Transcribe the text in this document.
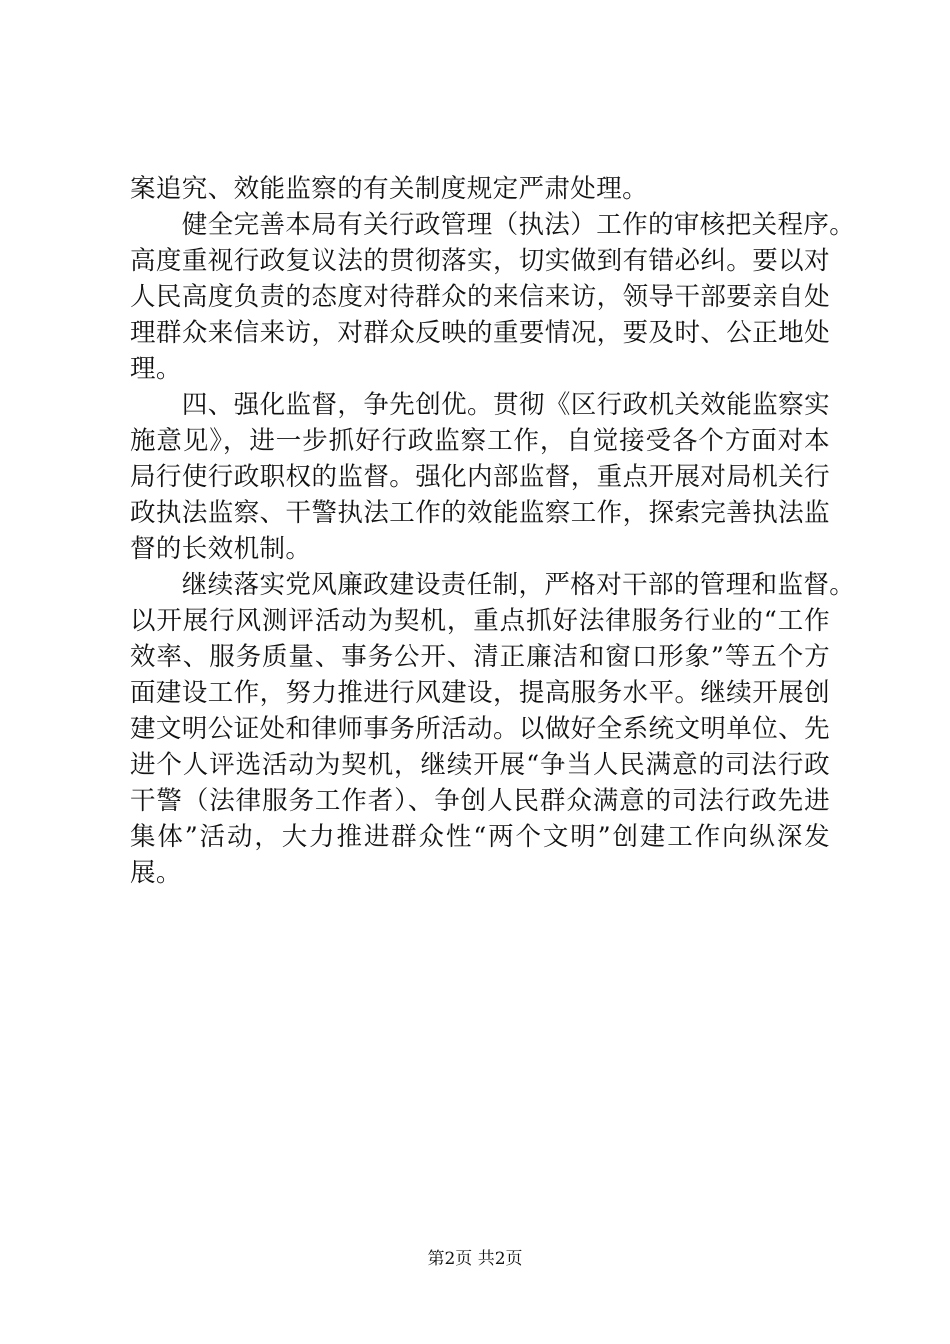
案追究、效能监察的有关制度规定严肃处理。
　　健全完善本局有关行政管理（执法）工作的审核把关程序。
高度重视行政复议法的贯彻落实，切实做到有错必纠。要以对
人民高度负责的态度对待群众的来信来访，领导干部要亲自处
理群众来信来访，对群众反映的重要情况，要及时、公正地处
理。
　　四、强化监督，争先创优。贯彻《区行政机关效能监察实
施意见》，进一步抓好行政监察工作，自觉接受各个方面对本
局行使行政职权的监督。强化内部监督，重点开展对局机关行
政执法监察、干警执法工作的效能监察工作，探索完善执法监
督的长效机制。
　　继续落实党风廉政建设责任制，严格对干部的管理和监督。
以开展行风测评活动为契机，重点抓好法律服务行业的“工作
效率、服务质量、事务公开、清正廉洁和窗口形象”等五个方
面建设工作，努力推进行风建设，提高服务水平。继续开展创
建文明公证处和律师事务所活动。以做好全系统文明单位、先
进个人评选活动为契机，继续开展“争当人民满意的司法行政
干警（法律服务工作者）、争创人民群众满意的司法行政先进
集体”活动，大力推进群众性“两个文明”创建工作向纵深发
展。
第2页 共2页
